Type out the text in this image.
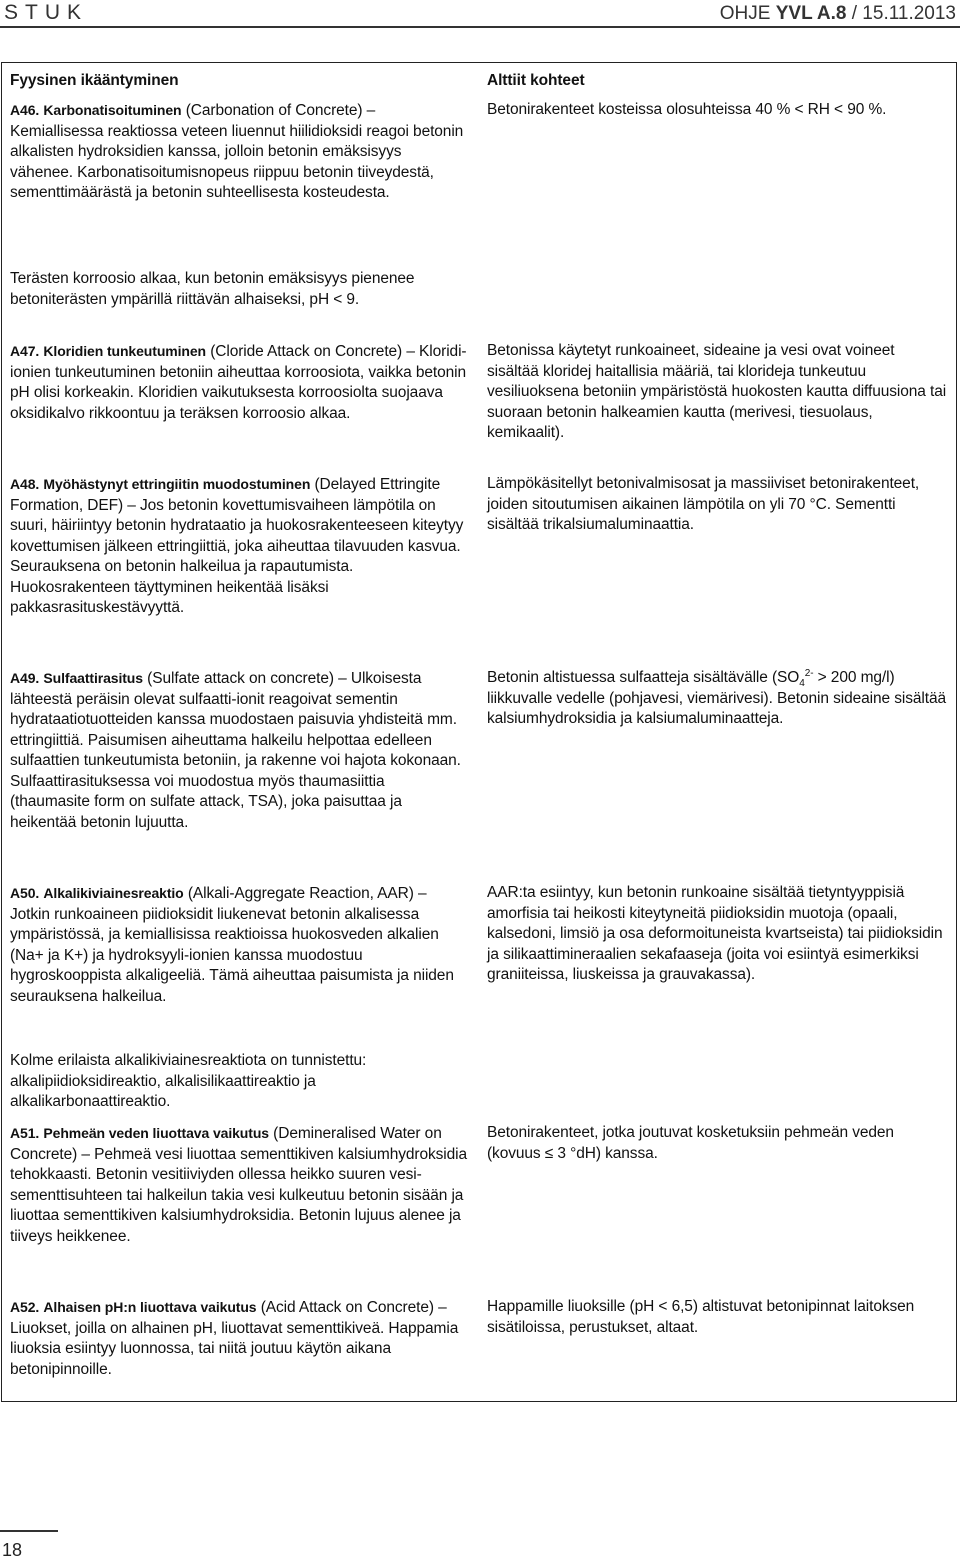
STUK	OHJE YVL A.8 / 15.11.2013

Fyysinen ikääntyminen	Alttiit kohteet

A46. Karbonatisoituminen (Carbonation of Concrete) – Kemiallisessa reaktiossa veteen liuennut hiilidioksidi reagoi betonin alkalisten hydroksidien kanssa, jolloin betonin emäksisyys vähenee. Karbonatisoitumisnopeus riippuu betonin tiiveydestä, sementtimäärästä ja betonin suhteellisesta kosteudesta.

Betonirakenteet kosteissa olosuhteissa 40 % < RH < 90 %.

Terästen korroosio alkaa, kun betonin emäksisyys pienenee betoniterästen ympärillä riittävän alhaiseksi, pH < 9.

A47. Kloridien tunkeutuminen (Cloride Attack on Concrete) – Kloridi-ionien tunkeutuminen betoniin aiheuttaa korroosiota, vaikka betonin pH olisi korkeakin. Kloridien vaikutuksesta korroosiolta suojaava oksidikalvo rikkoontuu ja teräksen korroosio alkaa.

Betonissa käytetyt runkoaineet, sideaine ja vesi ovat voineet sisältää kloridej haitallisia määriä, tai klorideja tunkeutuu vesiliuoksena betoniin ympäristöstä huokosten kautta diffuusiona tai suoraan betonin halkeamien kautta (merivesi, tiesuolaus, kemikaalit).

A48. Myöhästynyt ettringiitin muodostuminen (Delayed Ettringite Formation, DEF) – Jos betonin kovettumisvaiheen lämpötila on suuri, häiriintyy betonin hydrataatio ja huokosrakenteeseen kiteytyy kovettumisen jälkeen ettringiittiä, joka aiheuttaa tilavuuden kasvua. Seurauksena on betonin halkeilua ja rapautumista. Huokosrakenteen täyttyminen heikentää lisäksi pakkasrasituskestävyyttä.

Lämpökäsitellyt betonivalmisosat ja massiiviset betonirakenteet, joiden sitoutumisen aikainen lämpötila on yli 70 °C. Sementti sisältää trikalsiumaluminaattia.

A49. Sulfaattirasitus (Sulfate attack on concrete) – Ulkoisesta lähteestä peräisin olevat sulfaatti-ionit reagoivat sementin hydrataatiotuotteiden kanssa muodostaen paisuvia yhdisteitä mm. ettringiittiä. Paisumisen aiheuttama halkeilu helpottaa edelleen sulfaattien tunkeutumista betoniin, ja rakenne voi hajota kokonaan. Sulfaattirasituksessa voi muodostua myös thaumasiittia (thaumasite form on sulfate attack, TSA), joka paisuttaa ja heikentää betonin lujuutta.

Betonin altistuessa sulfaatteja sisältävälle ($SO_4^{2-} > 200$ mg/l) liikkuvalle vedelle (pohjavesi, viemärivesi). Betonin sideaine sisältää kalsiumhydroksidia ja kalsiumaluminaatteja.

A50. Alkalikiviainesreaktio (Alkali-Aggregate Reaction, AAR) – Jotkin runkoaineen piidioksidit liukenevat betonin alkalisessa ympäristössä, ja kemiallisissa reaktioissa huokosveden alkalien (Na+ ja K+) ja hydroksyyli-ionien kanssa muodostuu hygroskooppista alkaligeeliä. Tämä aiheuttaa paisumista ja niiden seurauksena halkeilua.

AAR:ta esiintyy, kun betonin runkoaine sisältää tietyntyyppisiä amorfisia tai heikosti kiteytyneitä piidioksidin muotoja (opaali, kalsedoni, limsiö ja osa deformoituneista kvartseista) tai piidioksidin ja silikaattimineraalien sekafaaseja (joita voi esiintyä esimerkiksi graniiteissa, liuskeissa ja grauvakassa).

Kolme erilaista alkalikiviainesreaktiota on tunnistettu: alkalipiidioksidireaktio, alkalisilikaattireaktio ja alkalikarbonaattireaktio.

A51. Pehmeän veden liuottava vaikutus (Demineralised Water on Concrete) – Pehmeä vesi liuottaa sementtikiven kalsiumhydroksidia tehokkaasti. Betonin vesitiiviyden ollessa heikko suuren vesi-sementtisuhteen tai halkeilun takia vesi kulkeutuu betonin sisään ja liuottaa sementtikiven kalsiumhydroksidia. Betonin lujuus alenee ja tiiveys heikkenee.

Betonirakenteet, jotka joutuvat kosketuksiin pehmeän veden (kovuus ≤ 3 °dH) kanssa.

A52. Alhaisen pH:n liuottava vaikutus (Acid Attack on Concrete) – Liuokset, joilla on alhainen pH, liuottavat sementtikiveä. Happamia liuoksia esiintyy luonnossa, tai niitä joutuu käytön aikana betonipinnoille.

Happamille liuoksille (pH < 6,5) altistuvat betonipinnat laitoksen sisätiloissa, perustukset, altaat.

18
